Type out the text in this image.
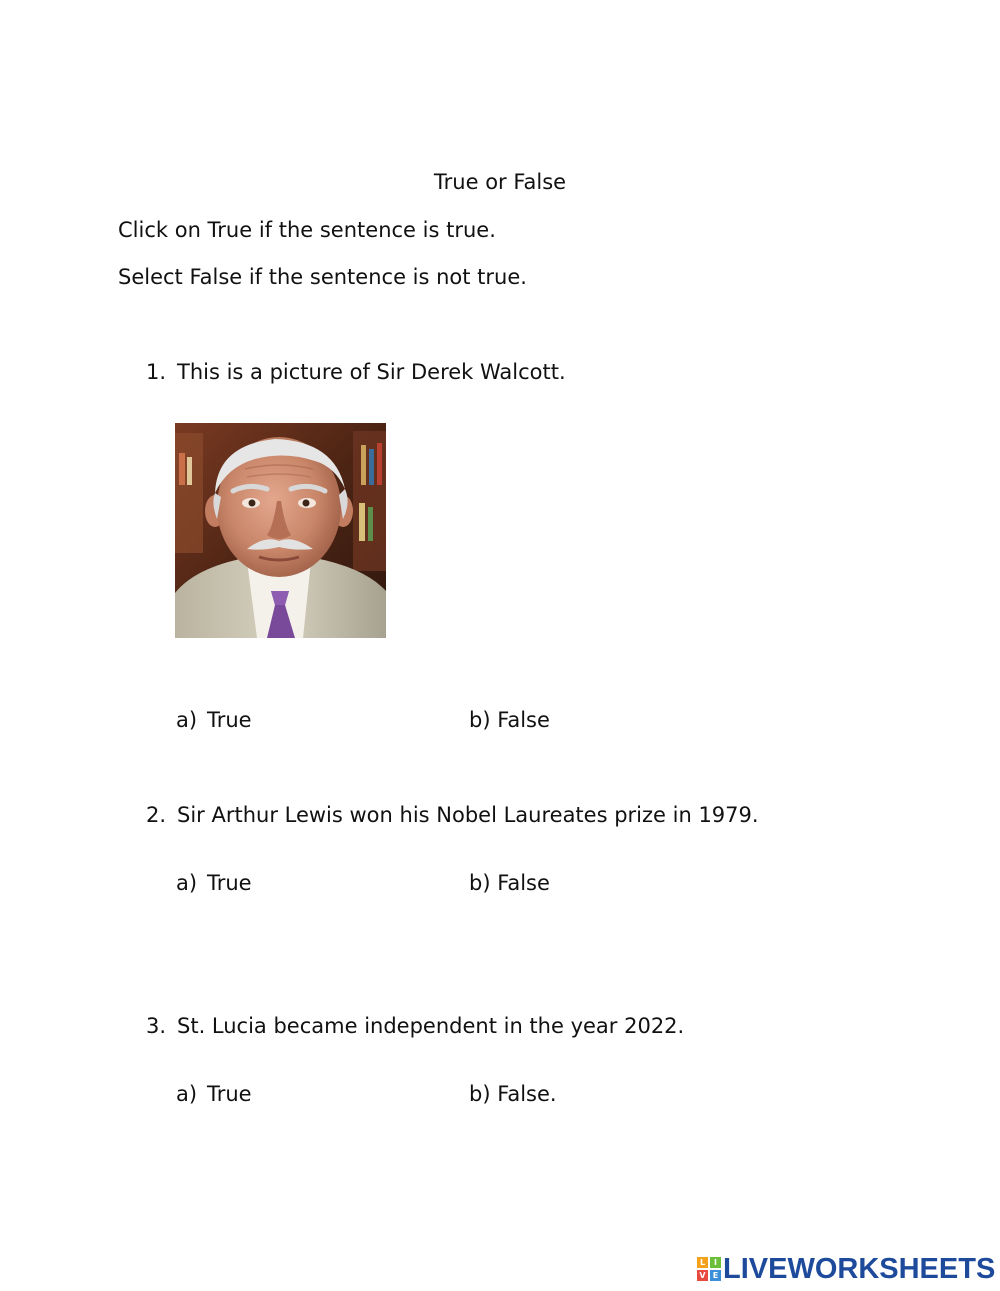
True or False
Click on True if the sentence is true.
Select False if the sentence is not true.
1. This is a picture of Sir Derek Walcott.
a) True	b) False
2. Sir Arthur Lewis won his Nobel Laureates prize in 1979.
a) True	b) False
3. St. Lucia became independent in the year 2022.
a) True	b) False.
L	I
V E LIVEWORKSHEETS
